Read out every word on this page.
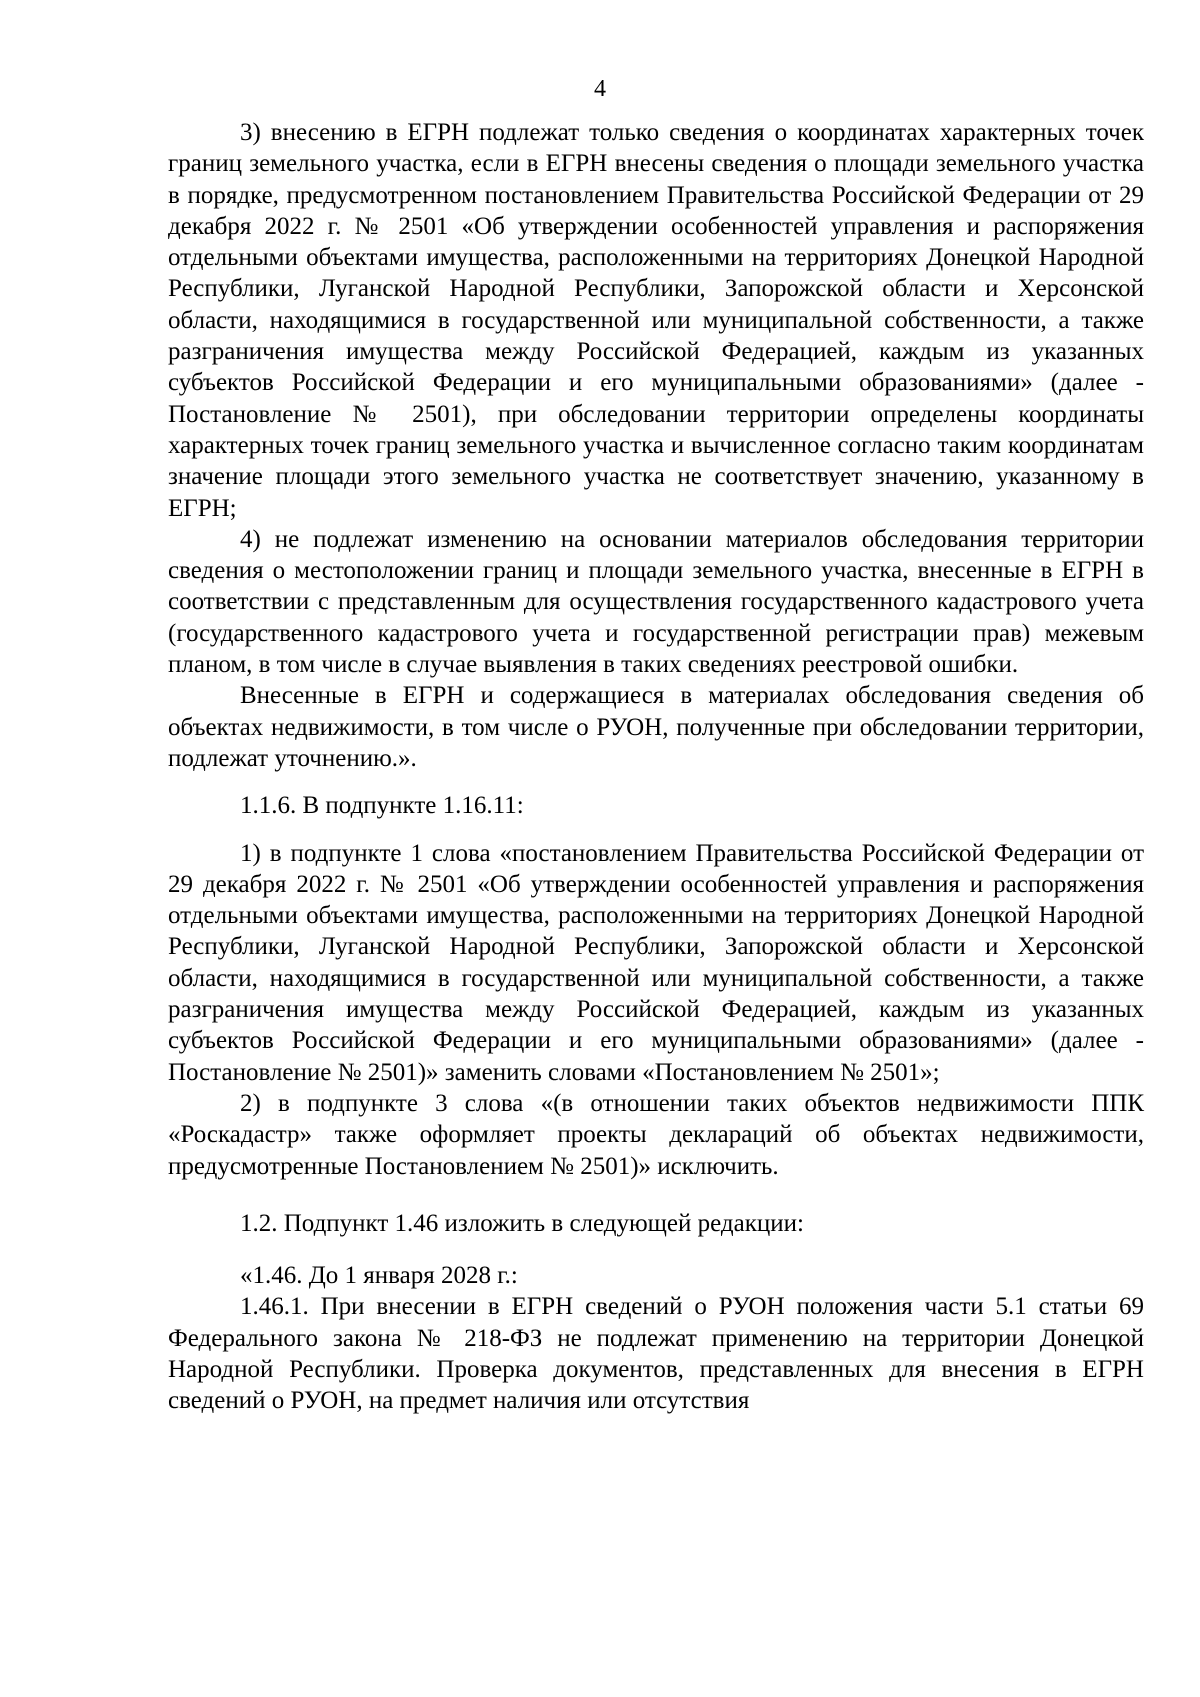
4

3) внесению в ЕГРН подлежат только сведения о координатах характерных точек границ земельного участка, если в ЕГРН внесены сведения о площади земельного участка в порядке, предусмотренном постановлением Правительства Российской Федерации от 29 декабря 2022 г. № 2501 «Об утверждении особенностей управления и распоряжения отдельными объектами имущества, расположенными на территориях Донецкой Народной Республики, Луганской Народной Республики, Запорожской области и Херсонской области, находящимися в государственной или муниципальной собственности, а также разграничения имущества между Российской Федерацией, каждым из указанных субъектов Российской Федерации и его муниципальными образованиями» (далее - Постановление № 2501), при обследовании территории определены координаты характерных точек границ земельного участка и вычисленное согласно таким координатам значение площади этого земельного участка не соответствует значению, указанному в ЕГРН;

4) не подлежат изменению на основании материалов обследования территории сведения о местоположении границ и площади земельного участка, внесенные в ЕГРН в соответствии с представленным для осуществления государственного кадастрового учета (государственного кадастрового учета и государственной регистрации прав) межевым планом, в том числе в случае выявления в таких сведениях реестровой ошибки.

Внесенные в ЕГРН и содержащиеся в материалах обследования сведения об объектах недвижимости, в том числе о РУОН, полученные при обследовании территории, подлежат уточнению.».

1.1.6. В подпункте 1.16.11:

1) в подпункте 1 слова «постановлением Правительства Российской Федерации от 29 декабря 2022 г. № 2501 «Об утверждении особенностей управления и распоряжения отдельными объектами имущества, расположенными на территориях Донецкой Народной Республики, Луганской Народной Республики, Запорожской области и Херсонской области, находящимися в государственной или муниципальной собственности, а также разграничения имущества между Российской Федерацией, каждым из указанных субъектов Российской Федерации и его муниципальными образованиями» (далее - Постановление № 2501)» заменить словами «Постановлением № 2501»;

2) в подпункте 3 слова «(в отношении таких объектов недвижимости ППК «Роскадастр» также оформляет проекты деклараций об объектах недвижимости, предусмотренные Постановлением № 2501)» исключить.

1.2. Подпункт 1.46 изложить в следующей редакции:

«1.46. До 1 января 2028 г.:

1.46.1. При внесении в ЕГРН сведений о РУОН положения части 5.1 статьи 69 Федерального закона № 218-ФЗ не подлежат применению на территории Донецкой Народной Республики. Проверка документов, представленных для внесения в ЕГРН сведений о РУОН, на предмет наличия или отсутствия
